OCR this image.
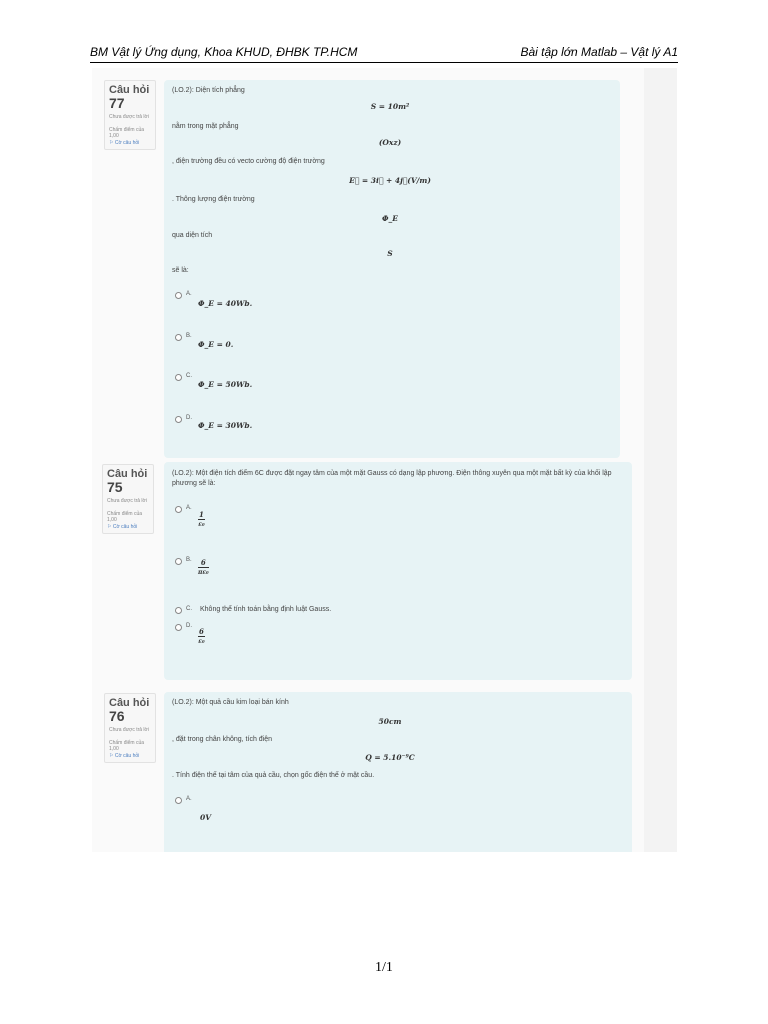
BM Vật lý Ứng dụng, Khoa KHUD, ĐHBK TP.HCM	Bài tập lớn Matlab – Vật lý A1
Câu hỏi
77
Chưa được trả lời
Chấm điểm của 1,00
⚐ Cờ câu hỏi
(LO.2): Diện tích phẳng
S = 10m²
nằm trong mặt phẳng
(Oxz)
, điện trường đều có vecto cường độ điện trường
E⃗ = 3i⃗ + 4j⃗(V/m)
. Thông lượng điện trường
Φ_E
qua diện tích
S
sẽ là:
A.
Φ_E = 40Wb.
B.
Φ_E = 0.
C.
Φ_E = 50Wb.
D.
Φ_E = 30Wb.
Câu hỏi
75
Chưa được trả lời
Chấm điểm của 1,00
⚐ Cờ câu hỏi
(LO.2): Một điện tích điểm 6C được đặt ngay tâm của một mặt Gauss có dạng lập phương. Điện thông xuyên qua một mặt bất kỳ của khối lập phương sẽ là:
A.
$\frac{1}{\text{ε₀}}$
B. $\frac{6}{\text{πε₀}}$
C. Không thể tính toán bằng định luật Gauss.
D.
$\frac{6}{\text{ε₀}}$
Câu hỏi
76
Chưa được trả lời
Chấm điểm của 1,00
⚐ Cờ câu hỏi
(LO.2): Một quả cầu kim loại bán kính
50cm
, đặt trong chân không, tích điện
Q = 5.10⁻⁹C
. Tính điện thế tại tâm của quả cầu, chọn gốc điện thế ở mặt cầu.
A.
0V
1/1
